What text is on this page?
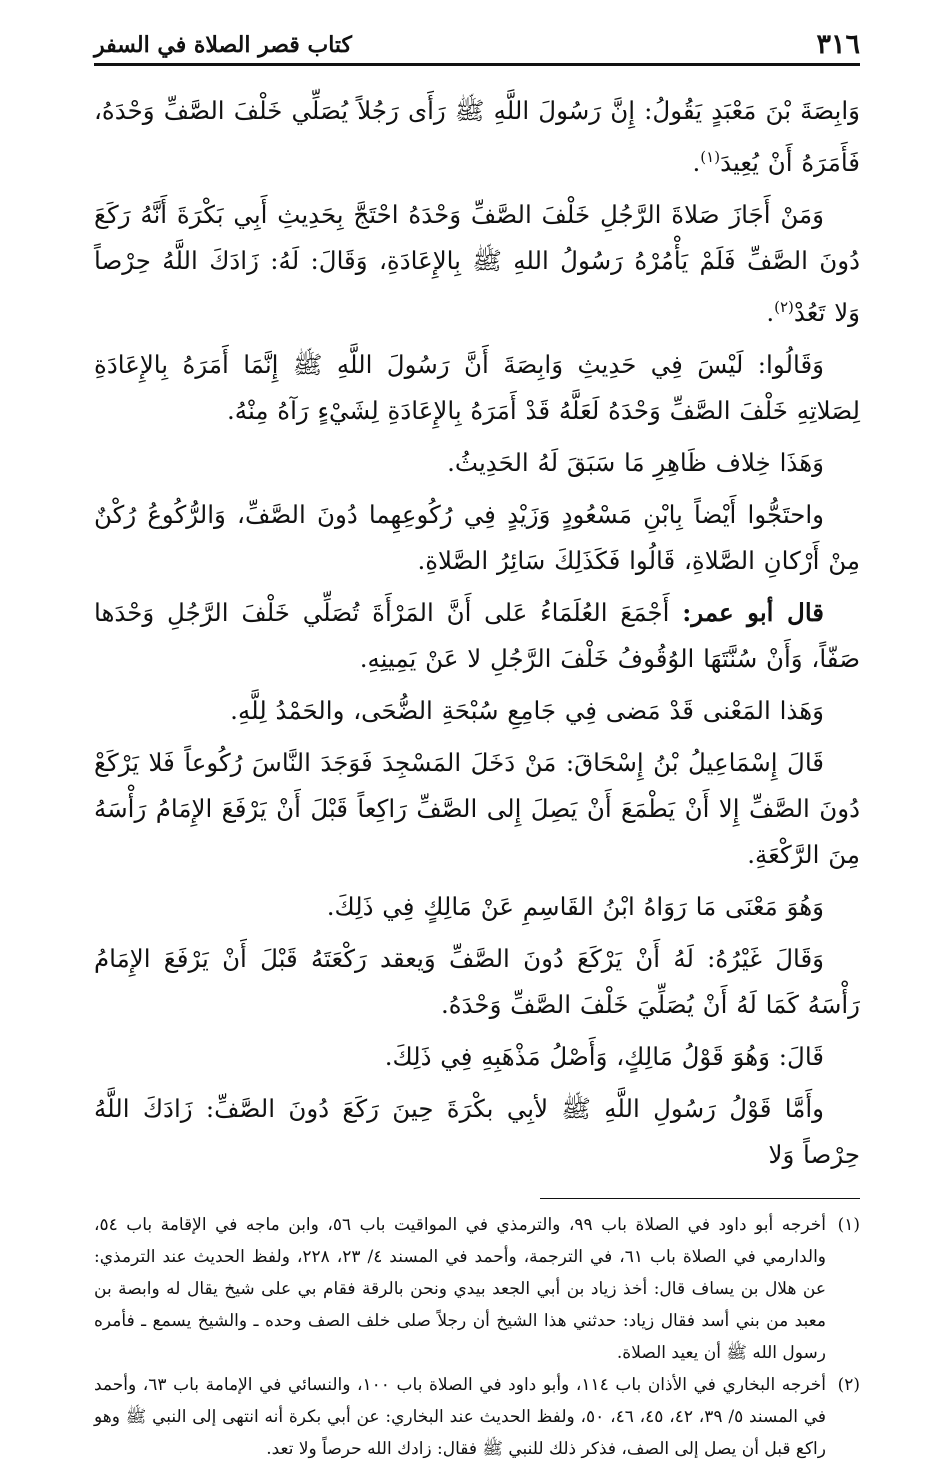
٣١٦
كتاب قصر الصلاة في السفر

وَابِصَةَ بْنَ مَعْبَدٍ يَقُولُ: إِنَّ رَسُولَ اللَّهِ ﷺ رَأَى رَجُلاً يُصَلِّي خَلْفَ الصَّفِّ وَحْدَهُ، فَأَمَرَهُ أَنْ يُعِيدَ$^{(١)}$.

وَمَنْ أَجَازَ صَلاةَ الرَّجُلِ خَلْفَ الصَّفِّ وَحْدَهُ احْتَجَّ بِحَدِيثِ أَبِي بَكْرَةَ أَنَّهُ رَكَعَ دُونَ الصَّفِّ فَلَمْ يَأْمُرْهُ رَسُولُ اللهِ ﷺ بِالإِعَادَةِ، وَقَالَ: لَهُ: زَادَكَ اللَّهُ حِرْصاً وَلا تَعُدْ$^{(٢)}$.

وَقَالُوا: لَيْسَ فِي حَدِيثِ وَابِصَةَ أَنَّ رَسُولَ اللَّهِ ﷺ إِنَّمَا أَمَرَهُ بِالإِعَادَةِ لِصَلاتِهِ خَلْفَ الصَّفِّ وَحْدَهُ لَعَلَّهُ قَدْ أَمَرَهُ بِالإِعَادَةِ لِشَيْءٍ رَآهُ مِنْهُ.

وَهَذَا خِلاف ظَاهِرِ مَا سَبَقَ لَهُ الحَدِيثُ.

واحتَجُّوا أَيْضاً بِابْنِ مَسْعُودٍ وَزَيْدٍ فِي رُكُوعِهِما دُونَ الصَّفِّ، وَالرُّكُوعُ رُكْنٌ مِنْ أَرْكانِ الصَّلاةِ، قَالُوا فَكَذَلِكَ سَائِرُ الصَّلاةِ.

قال أبو عمر: أَجْمَعَ العُلَمَاءُ عَلى أَنَّ المَرْأَةَ تُصَلِّي خَلْفَ الرَّجُلِ وَحْدَها صَفّاً، وَأَنْ سُنَّتَهَا الوُقُوفُ خَلْفَ الرَّجُلِ لا عَنْ يَمِينِهِ.

وَهَذا المَعْنى قَدْ مَضى فِي جَامِعِ سُبْحَةِ الضُّحَى، والحَمْدُ لِلَّهِ.

قَالَ إِسْمَاعِيلُ بْنُ إِسْحَاقَ: مَنْ دَخَلَ المَسْجِدَ فَوَجَدَ النَّاسَ رُكُوعاً فَلا يَرْكَعْ دُونَ الصَّفِّ إِلا أَنْ يَطْمَعَ أَنْ يَصِلَ إِلى الصَّفِّ رَاكِعاً قَبْلَ أَنْ يَرْفَعَ الإِمَامُ رَأْسَهُ مِنَ الرَّكْعَةِ.

وَهُوَ مَعْنَى مَا رَوَاهُ ابْنُ القَاسِمِ عَنْ مَالِكٍ فِي ذَلِكَ.

وَقَالَ غَيْرُهُ: لَهُ أَنْ يَرْكَعَ دُونَ الصَّفِّ وَيعقد رَكْعَتَهُ قَبْلَ أَنْ يَرْفَعَ الإِمَامُ رَأْسَهُ كَمَا لَهُ أَنْ يُصَلِّيَ خَلْفَ الصَّفِّ وَحْدَهُ.

قَالَ: وَهُوَ قَوْلُ مَالِكٍ، وَأَصْلُ مَذْهَبِهِ فِي ذَلِكَ.

وأَمَّا قَوْلُ رَسُولِ اللَّهِ ﷺ لأبِي بكْرَةَ حِينَ رَكَعَ دُونَ الصَّفِّ: زَادَكَ اللَّهُ حِرْصاً وَلا

(١)
أخرجه أبو داود في الصلاة باب ٩٩، والترمذي في المواقيت باب ٥٦، وابن ماجه في الإقامة باب ٥٤، والدارمي في الصلاة باب ٦١، في الترجمة، وأحمد في المسند ٤/ ٢٣، ٢٢٨، ولفظ الحديث عند الترمذي: عن هلال بن يساف قال: أخذ زياد بن أبي الجعد بيدي ونحن بالرقة فقام بي على شيخ يقال له وابصة بن معبد من بني أسد فقال زياد: حدثني هذا الشيخ أن رجلاً صلى خلف الصف وحده ـ والشيخ يسمع ـ فأمره رسول الله ﷺ أن يعيد الصلاة.

(٢)
أخرجه البخاري في الأذان باب ١١٤، وأبو داود في الصلاة باب ١٠٠، والنسائي في الإمامة باب ٦٣، وأحمد في المسند ٥/ ٣٩، ٤٢، ٤٥، ٤٦، ٥٠، ولفظ الحديث عند البخاري: عن أبي بكرة أنه انتهى إلى النبي ﷺ وهو راكع قبل أن يصل إلى الصف، فذكر ذلك للنبي ﷺ فقال: زادك الله حرصاً ولا تعد.
